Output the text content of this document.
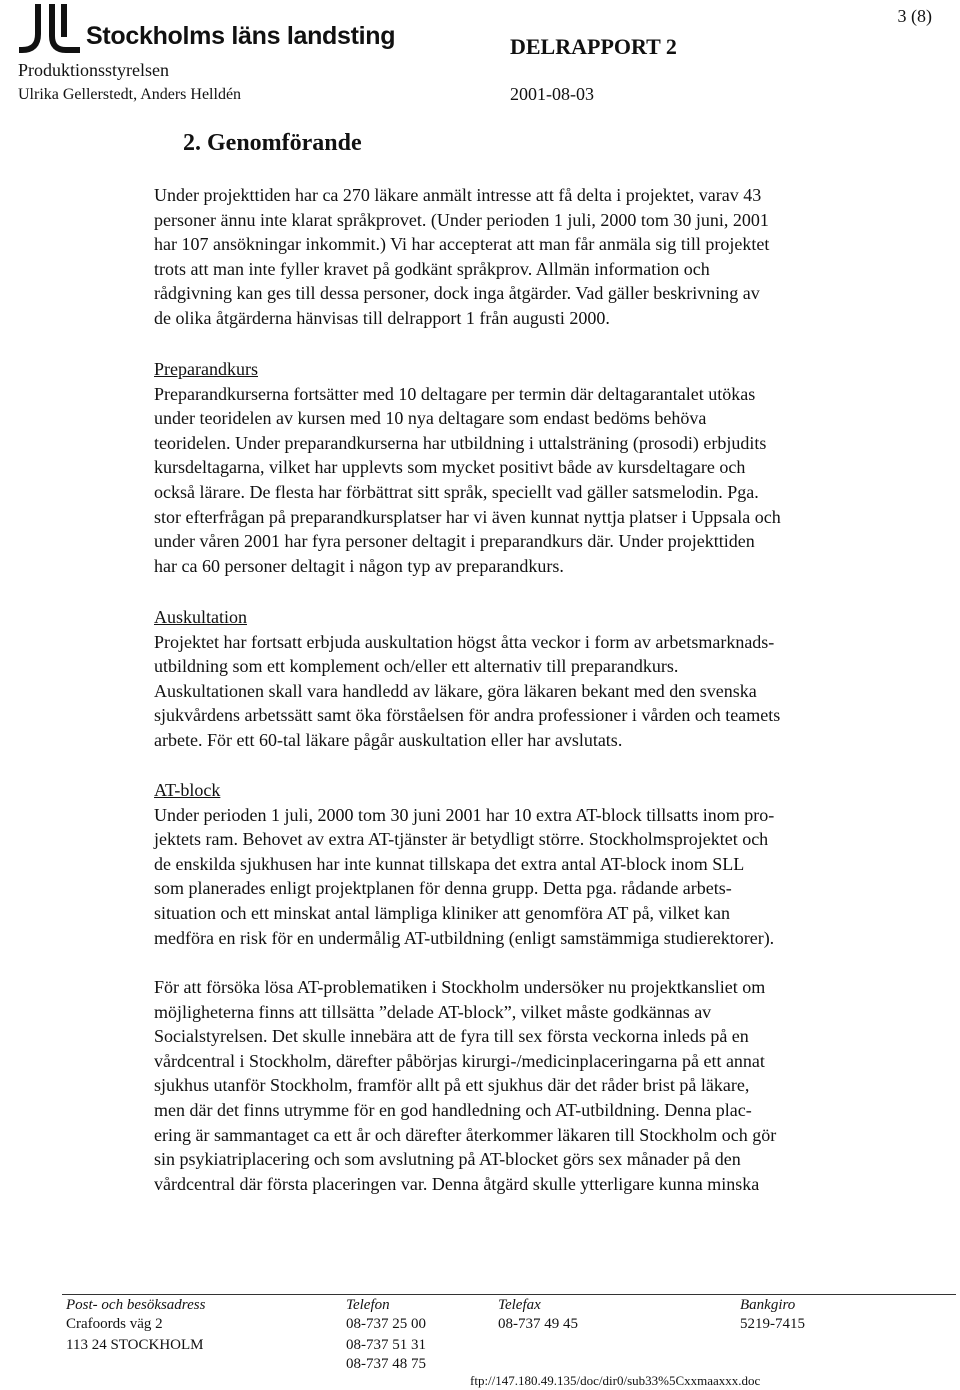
Stockholms läns landsting
3 (8)
DELRAPPORT 2
Produktionsstyrelsen
Ulrika Gellerstedt, Anders Helldén	2001-08-03
2. Genomförande
Under projekttiden har ca 270 läkare anmält intresse att få delta i projektet, varav 43
personer ännu inte klarat språkprovet. (Under perioden 1 juli, 2000 tom 30 juni, 2001
har 107 ansökningar inkommit.) Vi har accepterat att man får anmäla sig till projektet
trots att man inte fyller kravet på godkänt språkprov. Allmän information och
rådgivning kan ges till dessa personer, dock inga åtgärder. Vad gäller beskrivning av
de olika åtgärderna hänvisas till delrapport 1 från augusti 2000.
Preparandkurs
Preparandkurserna fortsätter med 10 deltagare per termin där deltagarantalet utökas
under teoridelen av kursen med 10 nya deltagare som endast bedöms behöva
teoridelen. Under preparandkurserna har utbildning i uttalsträning (prosodi) erbjudits
kursdeltagarna, vilket har upplevts som mycket positivt både av kursdeltagare och
också lärare. De flesta har förbättrat sitt språk, speciellt vad gäller satsmelodin. Pga.
stor efterfrågan på preparandkursplatser har vi även kunnat nyttja platser i Uppsala och
under våren 2001 har fyra personer deltagit i preparandkurs där. Under projekttiden
har ca 60 personer deltagit i någon typ av preparandkurs.
Auskultation
Projektet har fortsatt erbjuda auskultation högst åtta veckor i form av arbetsmarknads-
utbildning som ett komplement och/eller ett alternativ till preparandkurs.
Auskultationen skall vara handledd av läkare, göra läkaren bekant med den svenska
sjukvårdens arbetssätt samt öka förståelsen för andra professioner i vården och teamets
arbete. För ett 60-tal läkare pågår auskultation eller har avslutats.
AT-block
Under perioden 1 juli, 2000 tom 30 juni 2001 har 10 extra AT-block tillsatts inom pro-
jektets ram. Behovet av extra AT-tjänster är betydligt större. Stockholmsprojektet och
de enskilda sjukhusen har inte kunnat tillskapa det extra antal AT-block inom SLL
som planerades enligt projektplanen för denna grupp. Detta pga. rådande arbets-
situation och ett minskat antal lämpliga kliniker att genomföra AT på, vilket kan
medföra en risk för en undermålig AT-utbildning (enligt samstämmiga studierektorer).
För att försöka lösa AT-problematiken i Stockholm undersöker nu projektkansliet om
möjligheterna finns att tillsätta ”delade AT-block”, vilket måste godkännas av
Socialstyrelsen. Det skulle innebära att de fyra till sex första veckorna inleds på en
vårdcentral i Stockholm, därefter påbörjas kirurgi-/medicinplaceringarna på ett annat
sjukhus utanför Stockholm, framför allt på ett sjukhus där det råder brist på läkare,
men där det finns utrymme för en god handledning och AT-utbildning. Denna plac-
ering är sammantaget ca ett år och därefter återkommer läkaren till Stockholm och gör
sin psykiatriplacering och som avslutning på AT-blocket görs sex månader på den
vårdcentral där första placeringen var. Denna åtgärd skulle ytterligare kunna minska
Post- och besöksadress
Crafoords väg 2
113 24 STOCKHOLM
Telefon
08-737 25 00
08-737 51 31
08-737 48 75
Telefax
08-737 49 45
Bankgiro
5219-7415
ftp://147.180.49.135/doc/dir0/sub33%5Cxxmaaxxx.doc
